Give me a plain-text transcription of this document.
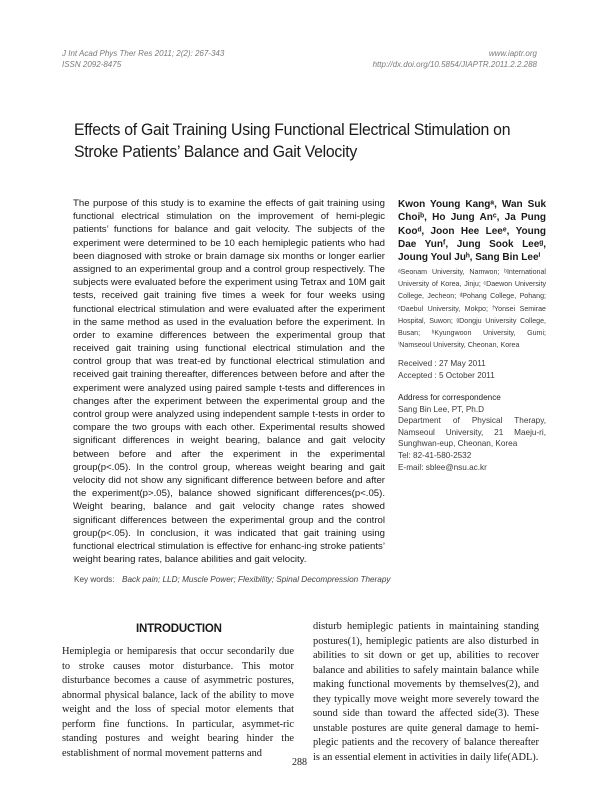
J Int Acad Phys Ther Res 2011; 2(2): 267-343
ISSN 2092-8475
www.iaptr.org
http://dx.doi.org/10.5854/JIAPTR.2011.2.2.288
Effects of Gait Training Using Functional Electrical Stimulation on Stroke Patients’ Balance and Gait Velocity
The purpose of this study is to examine the effects of gait training using functional electrical stimulation on the improvement of hemi-plegic patients’ functions for balance and gait velocity. The subjects of the experiment were determined to be 10 each hemiplegic patients who had been diagnosed with stroke or brain damage six months or longer earlier assigned to an experimental group and a control group respectively. The subjects were evaluated before the experiment using Tetrax and 10M gait tests, received gait training five times a week for four weeks using functional electrical stimulation and were evaluated after the experiment in the same method as used in the evaluation before the experiment. In order to examine differences between the experimental group that received gait training using functional electrical stimulation and the control group that was treat-ed by functional electrical stimulation and received gait training thereafter, differences between before and after the experiment were analyzed using paired sample t-tests and differences in changes after the experiment between the experimental group and the control group were analyzed using independent sample t-tests in order to compare the two groups with each other. Experimental results showed significant differences in weight bearing, balance and gait velocity between before and after the experiment in the experimental group(p<.05). In the control group, whereas weight bearing and gait velocity did not show any significant difference between before and after the experiment(p>.05), balance showed significant differences(p<.05). Weight bearing, balance and gait velocity change rates showed significant differences between the experimental group and the control group(p<.05). In conclusion, it was indicated that gait training using functional electrical stimulation is effective for enhanc-ing stroke patients’ weight bearing rates, balance abilities and gait velocity.
Kwon Young Kangᵃ, Wan Suk Choiᵇ, Ho Jung Anᶜ, Ja Pung Kooᵈ, Joon Hee Leeᵉ, Young Dae Yunᶠ, Jung Sook Leeᵍ, Joung Youl Juʰ, Sang Bin Leeⁱ
ᵃSeonam University, Namwon; ᵇInternational University of Korea, Jinju; ᶜDaewon University College, Jecheon; ᵈPohang College, Pohang; ᵉDaebul University, Mokpo; ᶠYonsei Semirae Hospital, Suwon; ᵍDongju University College, Busan; ʰKyungwoon University, Gumi; ⁱNamseoul University, Cheonan, Korea
Received : 27 May 2011
Accepted : 5 October 2011
Address for correspondence
Sang Bin Lee, PT, Ph.D
Department of Physical Therapy, Namseoul University, 21 Maeju-ri, Sunghwan-eup, Cheonan, Korea
Tel: 82-41-580-2532
E-mail: sblee@nsu.ac.kr
Key words: Back pain; LLD; Muscle Power; Flexibility; Spinal Decompression Therapy
INTRODUCTION
Hemiplegia or hemiparesis that occur secondarily due to stroke causes motor disturbance. This motor disturbance becomes a cause of asymmetric postures, abnormal physical balance, lack of the ability to move weight and the loss of special motor elements that perform fine functions. In particular, asymmet-ric standing postures and weight bearing hinder the establishment of normal movement patterns and
disturb hemiplegic patients in maintaining standing postures(1), hemiplegic patients are also disturbed in abilities to sit down or get up, abilities to recover balance and abilities to safely maintain balance while making functional movements by themselves(2), and they typically move weight more severely toward the sound side than toward the affected side(3). These unstable postures are quite general damage to hemi-plegic patients and the recovery of balance thereafter is an essential element in activities in daily life(ADL).
288
